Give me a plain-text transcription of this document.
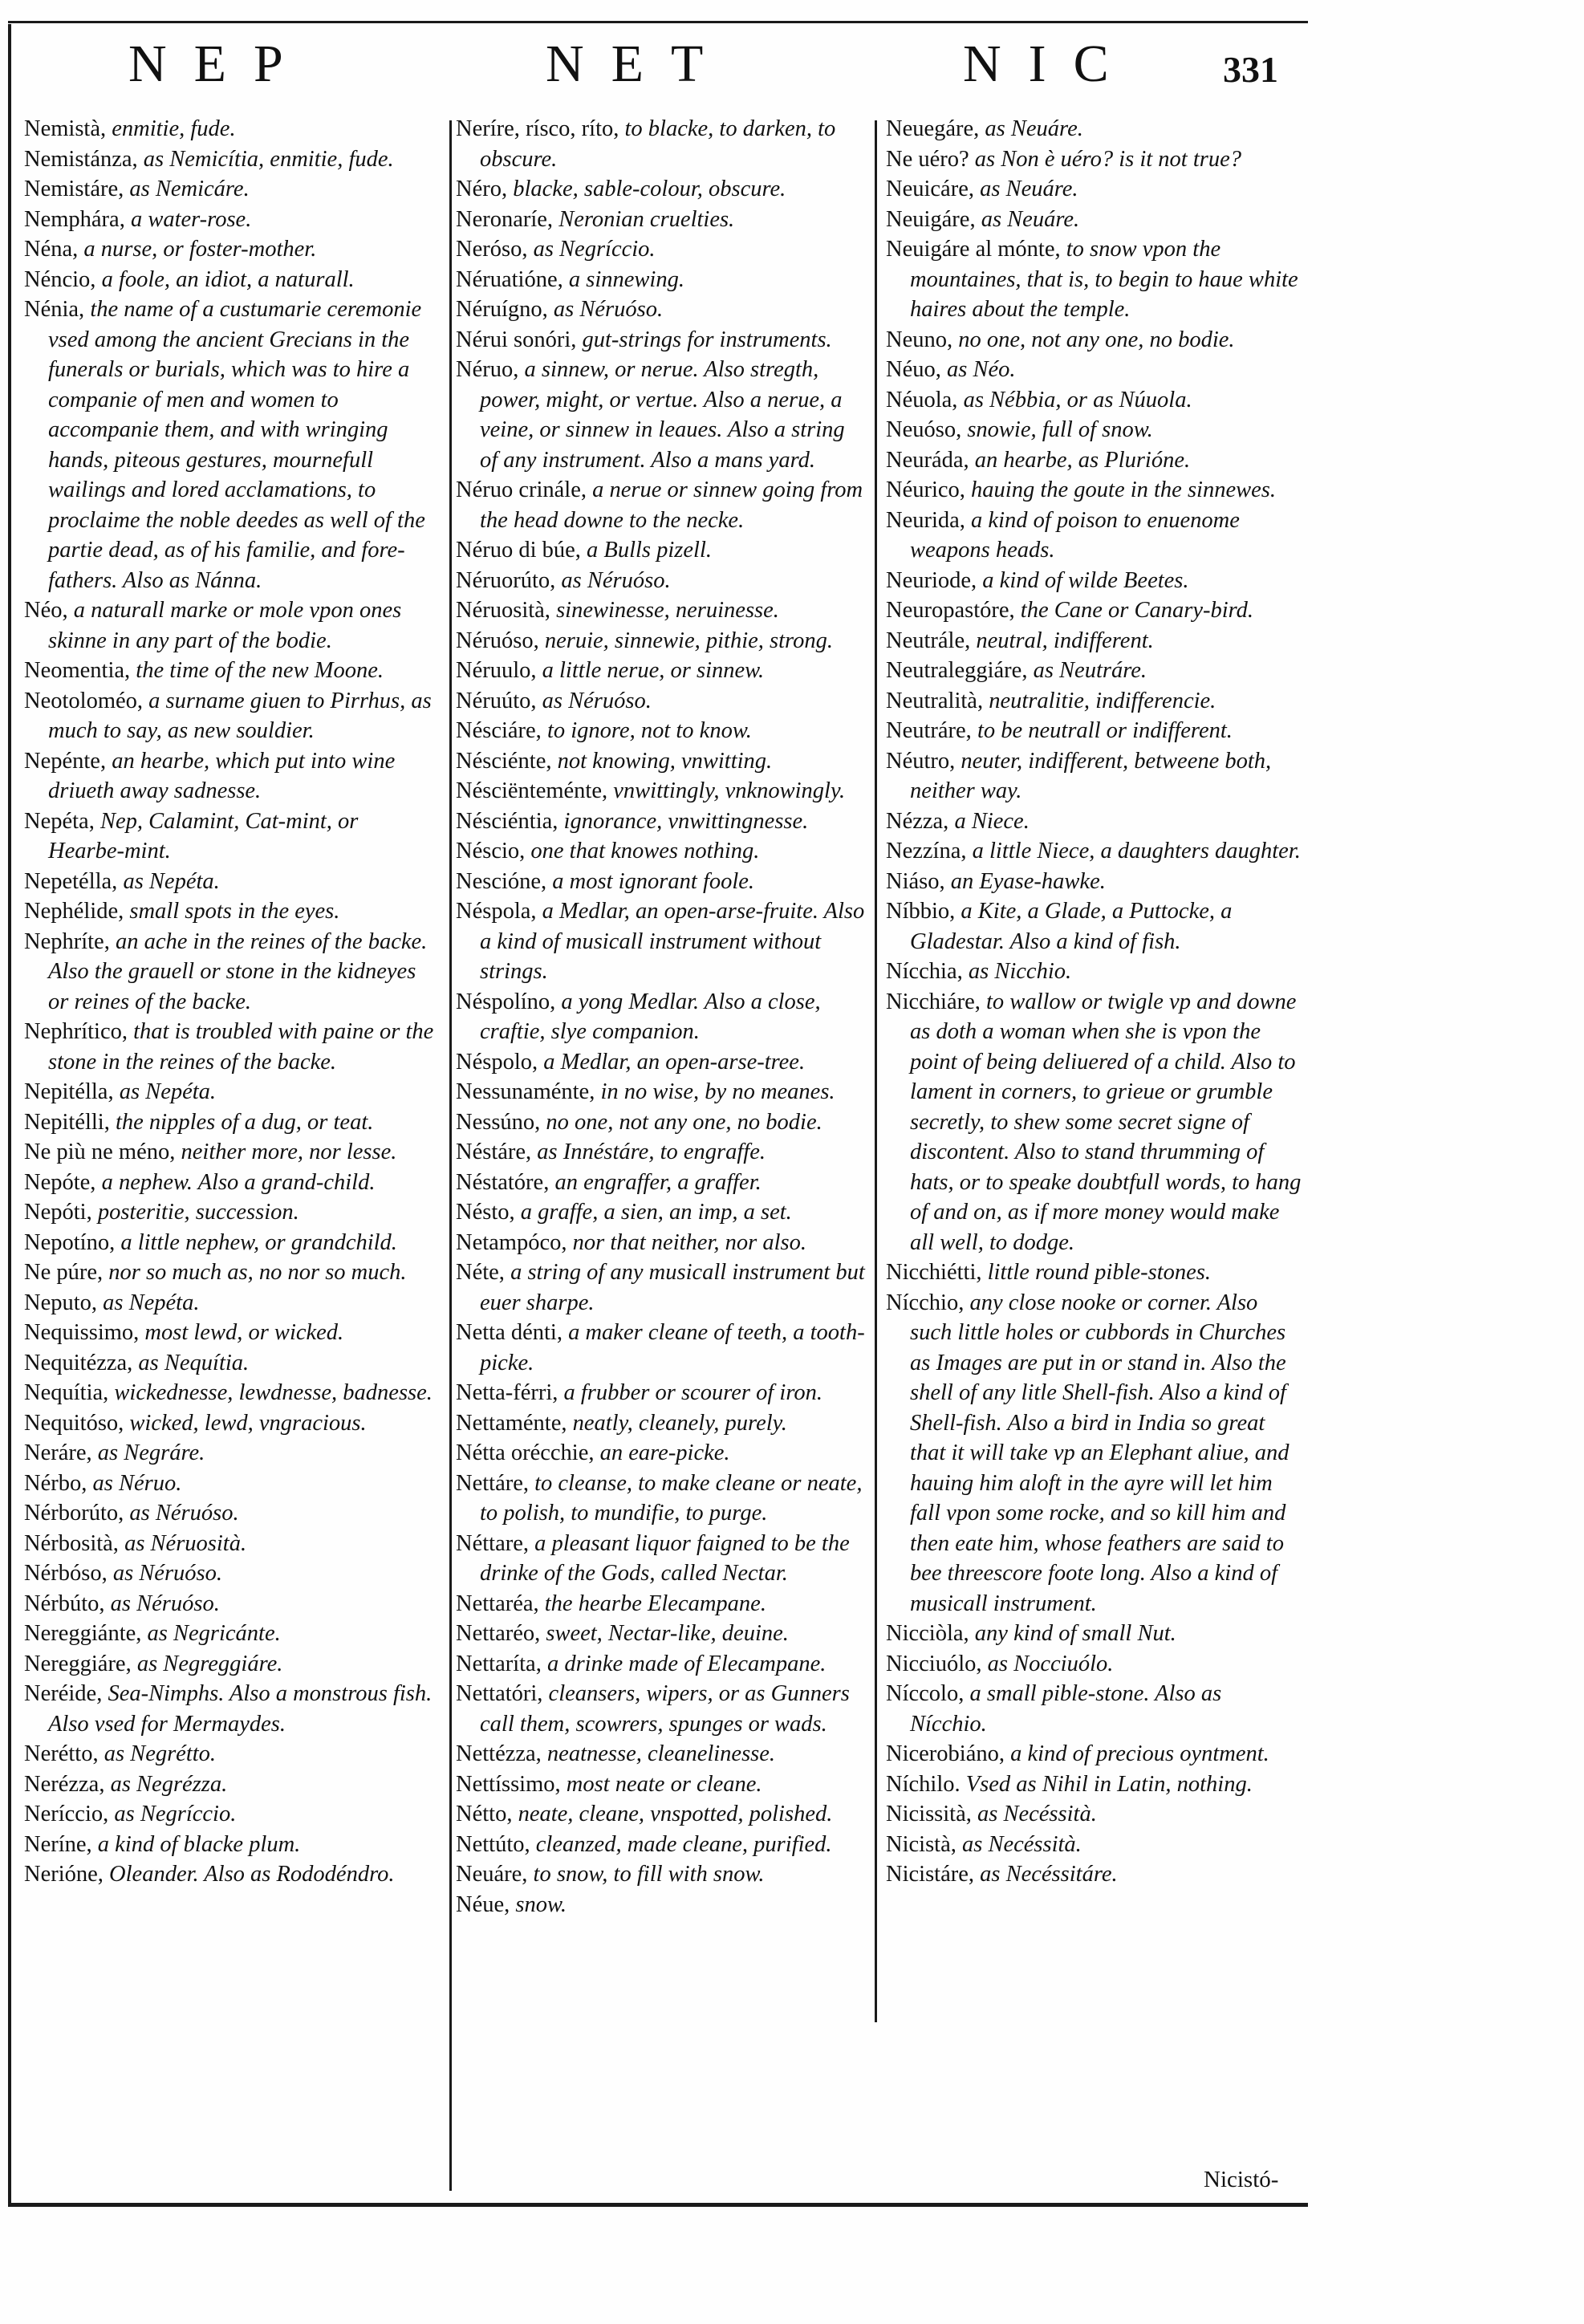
NEP	NET	NIC 331
Nemistà, enmitie, fude.
Nemistánza, as Nemicítia, enmitie, fude.
Nemistáre, as Nemicáre.
Nemphára, a water-rose.
Néna, a nurse, or foster-mother.
Néncio, a foole, an idiot, a naturall.
Nénia, the name of a custumarie ceremonie vsed among the ancient Grecians in the funerals or burials, which was to hire a companie of men and women to accompanie them, and with wringing hands, piteous gestures, mournefull wailings and lored acclamations, to proclaime the noble deedes as well of the partie dead, as of his familie, and fore-fathers. Also as Nánna.
Néo, a naturall marke or mole vpon ones skinne in any part of the bodie.
Neomentia, the time of the new Moone.
Neotoloméo, a surname giuen to Pirrhus, as much to say, as new souldier.
Nepénte, an hearbe, which put into wine driueth away sadnesse.
Nepéta, Nep, Calamint, Cat-mint, or Hearbe-mint.
Nepetélla, as Nepéta.
Nephélide, small spots in the eyes.
Nephríte, an ache in the reines of the backe. Also the grauell or stone in the kidneyes or reines of the backe.
Nephrítico, that is troubled with paine or the stone in the reines of the backe.
Nepitélla, as Nepéta.
Nepitélli, the nipples of a dug, or teat.
Ne più ne méno, neither more, nor lesse.
Nepóte, a nephew. Also a grand-child.
Nepóti, posteritie, succession.
Nepotíno, a little nephew, or grandchild.
Ne púre, nor so much as, no nor so much.
Neputo, as Nepéta.
Nequissimo, most lewd, or wicked.
Nequitézza, as Nequítia.
Nequítia, wickednesse, lewdnesse, badnesse.
Nequitóso, wicked, lewd, vngracious.
Neráre, as Negráre.
Nérbo, as Néruo.
Nérborúto, as Néruóso.
Nérbosità, as Néruosità.
Nérbóso, as Néruóso.
Nérbúto, as Néruóso.
Nereggiánte, as Negricánte.
Nereggiáre, as Negreggiáre.
Neréide, Sea-Nimphs. Also a monstrous fish. Also vsed for Mermaydes.
Nerétto, as Negrétto.
Nerézza, as Negrézza.
Neríccio, as Negríccio.
Neríne, a kind of blacke plum.
Nerióne, Oleander. Also as Rododéndro.
Neríre, rísco, ríto, to blacke, to darken, to obscure.
Néro, blacke, sable-colour, obscure.
Neronaríe, Neronian cruelties.
Neróso, as Negríccio.
Néruatióne, a sinnewing.
Néruígno, as Néruóso.
Nérui sonóri, gut-strings for instruments.
Néruo, a sinnew, or nerue. Also stregth, power, might, or vertue. Also a nerue, a veine, or sinnew in leaues. Also a string of any instrument. Also a mans yard.
Néruo crinále, a nerue or sinnew going from the head downe to the necke.
Néruo di búe, a Bulls pizell.
Néruorúto, as Néruóso.
Néruosità, sinewinesse, neruinesse.
Néruóso, neruie, sinnewie, pithie, strong.
Néruulo, a little nerue, or sinnew.
Néruúto, as Néruóso.
Nésciáre, to ignore, not to know.
Nésciénte, not knowing, vnwitting.
Nésciënteménte, vnwittingly, vnknowingly.
Nésciéntia, ignorance, vnwittingnesse.
Néscio, one that knowes nothing.
Nescióne, a most ignorant foole.
Néspola, a Medlar, an open-arse-fruite. Also a kind of musicall instrument without strings.
Néspolíno, a yong Medlar. Also a close, craftie, slye companion.
Néspolo, a Medlar, an open-arse-tree.
Nessunaménte, in no wise, by no meanes.
Nessúno, no one, not any one, no bodie.
Néstáre, as Innéstáre, to engraffe.
Néstatóre, an engraffer, a graffer.
Nésto, a graffe, a sien, an imp, a set.
Netampóco, nor that neither, nor also.
Néte, a string of any musicall instrument but euer sharpe.
Netta dénti, a maker cleane of teeth, a tooth-picke.
Netta-férri, a frubber or scourer of iron.
Nettaménte, neatly, cleanely, purely.
Nétta orécchie, an eare-picke.
Nettáre, to cleanse, to make cleane or neate, to polish, to mundifie, to purge.
Néttare, a pleasant liquor faigned to be the drinke of the Gods, called Nectar.
Nettaréa, the hearbe Elecampane.
Nettaréo, sweet, Nectar-like, deuine.
Nettaríta, a drinke made of Elecampane.
Nettatóri, cleansers, wipers, or as Gunners call them, scowrers, spunges or wads.
Nettézza, neatnesse, cleanelinesse.
Nettíssimo, most neate or cleane.
Nétto, neate, cleane, vnspotted, polished.
Nettúto, cleanzed, made cleane, purified.
Neuáre, to snow, to fill with snow.
Néue, snow.
Neuegáre, as Neuáre.
Ne uéro? as Non è uéro? is it not true?
Neuicáre, as Neuáre.
Neuigáre, as Neuáre.
Neuigáre al mónte, to snow vpon the mountaines, that is, to begin to haue white haires about the temple.
Neuno, no one, not any one, no bodie.
Néuo, as Néo.
Néuola, as Nébbia, or as Núuola.
Neuóso, snowie, full of snow.
Neuráda, an hearbe, as Plurióne.
Néurico, hauing the goute in the sinnewes.
Neurida, a kind of poison to enuenome weapons heads.
Neuriode, a kind of wilde Beetes.
Neuropastóre, the Cane or Canary-bird.
Neutrále, neutral, indifferent.
Neutraleggiáre, as Neutráre.
Neutralità, neutralitie, indifferencie.
Neutráre, to be neutrall or indifferent.
Néutro, neuter, indifferent, betweene both, neither way.
Nézza, a Niece.
Nezzína, a little Niece, a daughters daughter.
Niáso, an Eyase-hawke.
Níbbio, a Kite, a Glade, a Puttocke, a Gladestar. Also a kind of fish.
Nícchia, as Nicchio.
Nicchiáre, to wallow or twigle vp and downe as doth a woman when she is vpon the point of being deliuered of a child. Also to lament in corners, to grieue or grumble secretly, to shew some secret signe of discontent. Also to stand thrumming of hats, or to speake doubtfull words, to hang of and on, as if more money would make all well, to dodge.
Nicchiétti, little round pible-stones.
Nícchio, any close nooke or corner. Also such little holes or cubbords in Churches as Images are put in or stand in. Also the shell of any litle Shell-fish. Also a kind of Shell-fish. Also a bird in India so great that it will take vp an Elephant aliue, and hauing him aloft in the ayre will let him fall vpon some rocke, and so kill him and then eate him, whose feathers are said to bee threescore foote long. Also a kind of musicall instrument.
Nicciòla, any kind of small Nut.
Nicciuólo, as Nocciuólo.
Níccolo, a small pible-stone. Also as Nícchio.
Nicerobiáno, a kind of precious oyntment.
Níchilo. Vsed as Nihil in Latin, nothing.
Nicissità, as Necéssità.
Nicistà, as Necéssità.
Nicistáre, as Necéssitáre.
Nicistó-
